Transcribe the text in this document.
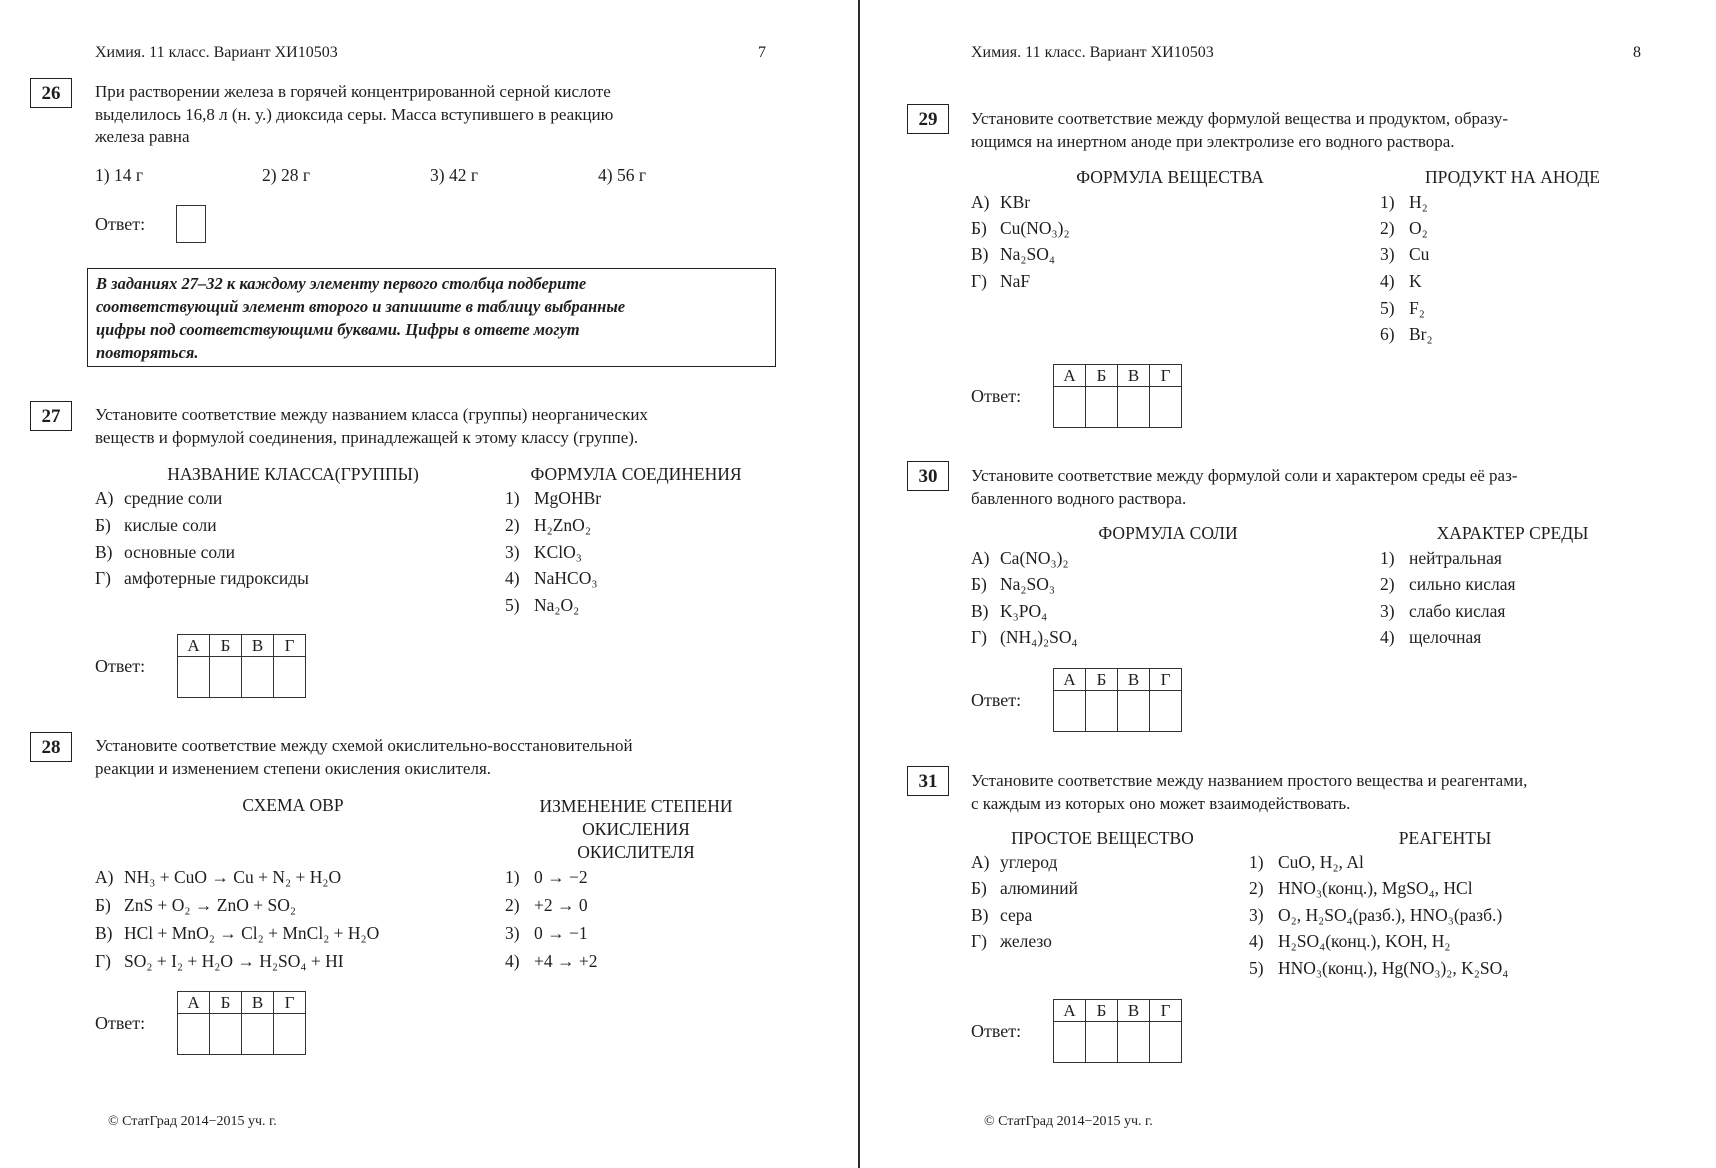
Химия. 11 класс. Вариант ХИ10503	7
26	При растворении железа в горячей концентрированной серной кислоте
выделилось 16,8 л (н. у.) диоксида серы. Масса вступившего в реакцию
железа равна
1) 14 г	2) 28 г	3) 42 г	4) 56 г
Ответ:
В заданиях 27–32 к каждому элементу первого столбца подберите
соответствующий элемент второго и запишите в таблицу выбранные
цифры под соответствующими буквами. Цифры в ответе могут
повторяться.
27	Установите соответствие между названием класса (группы) неорганических
веществ и формулой соединения, принадлежащей к этому классу (группе).
НАЗВАНИЕ КЛАССА(ГРУППЫ)	ФОРМУЛА СОЕДИНЕНИЯ
А) средние соли
Б) кислые соли
В) основные соли
Г) амфотерные гидроксиды
1) MgOHBr
2) H₂ZnO₂
3) KClO₃
4) NaHCO₃
5) Na₂O₂
Ответ:
А	Б	В	Г

28	Установите соответствие между схемой окислительно-восстановительной
реакции и изменением степени окисления окислителя.
СХЕМА ОВР	ИЗМЕНЕНИЕ СТЕПЕНИ
ОКИСЛЕНИЯ
ОКИСЛИТЕЛЯ
А) NH₃ + CuO → Cu + N₂ + H₂O
Б) ZnS + O₂ → ZnO + SO₂
В) HCl + MnO₂ → Cl₂ + MnCl₂ + H₂O
Г) SO₂ + I₂ + H₂O → H₂SO₄ + HI
1) 0 → −2
2) +2 → 0
3) 0 → −1
4) +4 → +2
Ответ:
А	Б	В	Г

© СтатГрад 2014−2015 уч. г.
Химия. 11 класс. Вариант ХИ10503	8
29	Установите соответствие между формулой вещества и продуктом, образу-
ющимся на инертном аноде при электролизе его водного раствора.
ФОРМУЛА ВЕЩЕСТВА	ПРОДУКТ НА АНОДЕ
А) KBr
Б) Cu(NO₃)₂
В) Na₂SO₄
Г) NaF
1) H₂
2) O₂
3) Cu
4) K
5) F₂
6) Br₂
Ответ:
А	Б	В	Г

30	Установите соответствие между формулой соли и характером среды её раз-
бавленного водного раствора.
ФОРМУЛА СОЛИ	ХАРАКТЕР СРЕДЫ
А) Ca(NO₃)₂
Б) Na₂SO₃
В) K₃PO₄
Г) (NH₄)₂SO₄
1) нейтральная
2) сильно кислая
3) слабо кислая
4) щелочная
Ответ:
А	Б	В	Г

31	Установите соответствие между названием простого вещества и реагентами,
с каждым из которых оно может взаимодействовать.
ПРОСТОЕ ВЕЩЕСТВО	РЕАГЕНТЫ
А) углерод
Б) алюминий
В) сера
Г) железо
1) CuO, H₂, Al
2) HNO₃(конц.), MgSO₄, HCl
3) O₂, H₂SO₄(разб.), HNO₃(разб.)
4) H₂SO₄(конц.), KOH, H₂
5) HNO₃(конц.), Hg(NO₃)₂, K₂SO₄
Ответ:
А	Б	В	Г

© СтатГрад 2014−2015 уч. г.
